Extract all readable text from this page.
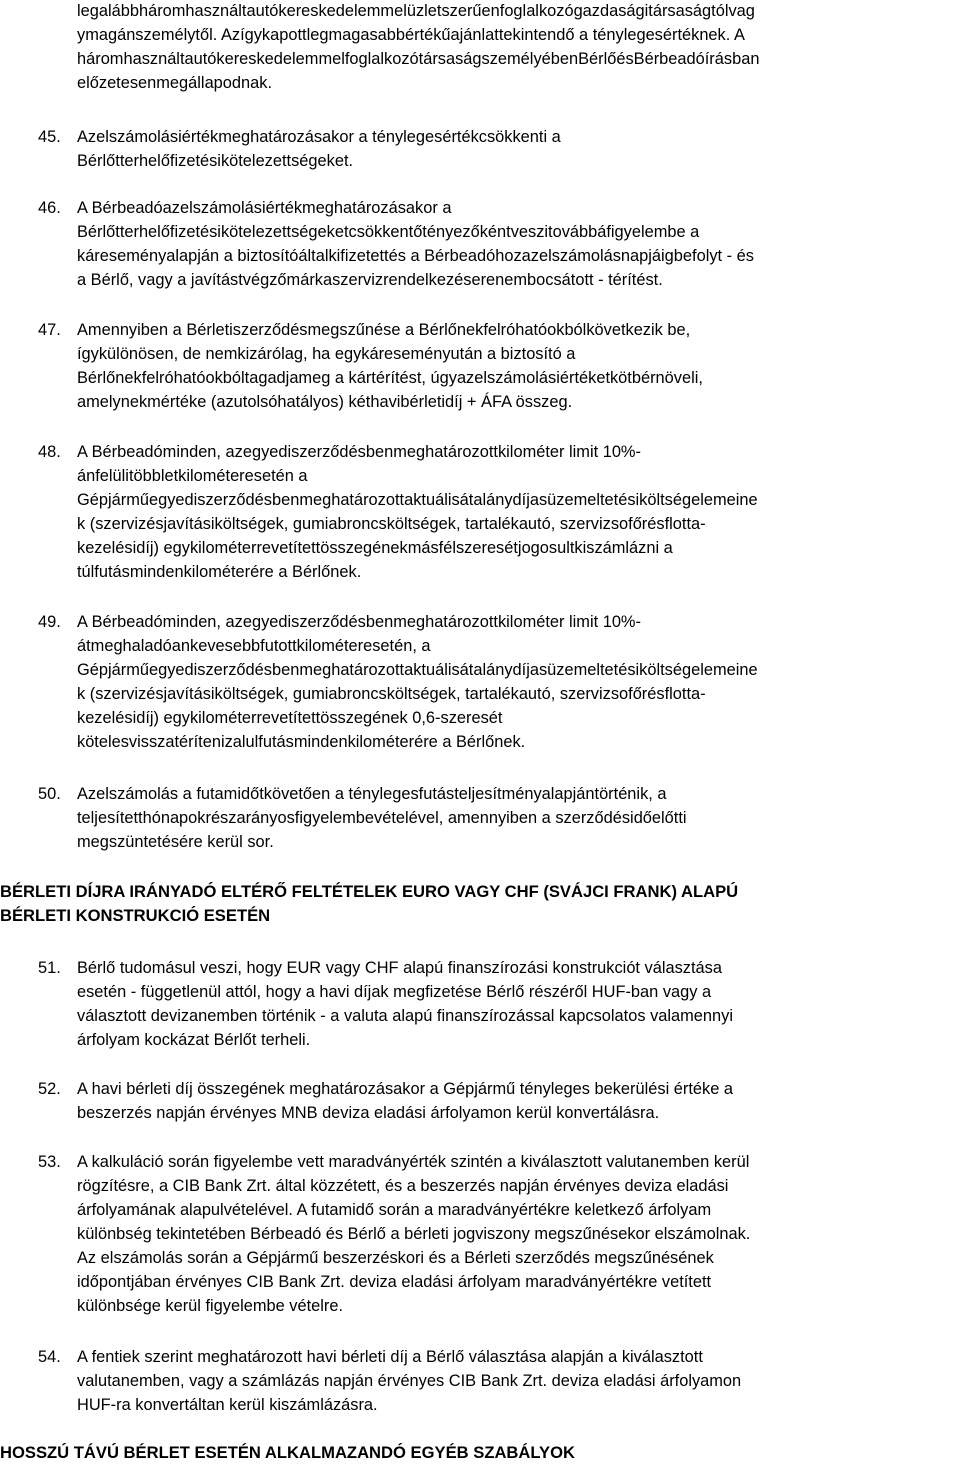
legalábbháromhasználtautókereskedelemmelüzletszerűenfoglalkozógazdaságitársaságtólvag
ymagánszemélytől. Azígykapottlegmagasabbértékűajánlattekintendő a ténylegesértéknek. A
háromhasználtautókereskedelemmelfoglalkozótársaságszemélyébenBérlőésBérbeadóírásban
előzetesenmegállapodnak.
45. Azelszámolásiértékmeghatározásakor a ténylegesértékcsökkenti a
Bérlőtterhelőfizetésikötelezettségeket.
46. A Bérbeadóazelszámolásiértékmeghatározásakor a
Bérlőtterhelőfizetésikötelezettségeketcsökkentőtényezőkéntveszitovábbáfigyelembe a
káreseményalapján a biztosítóáltalkifizetettés a Bérbeadóhozazelszámolásnapjáigbefolyt - és
a Bérlő, vagy a javítástvégzőmárkaszervizrendelkezéserenembocsátott - térítést.
47. Amennyiben a Bérletiszerződésmegszűnése a Bérlőnekfelróhatóokbólkövetkezik be,
ígykülönösen, de nemkizárólag, ha egykáreseményután a biztosító a
Bérlőnekfelróhatóokbóltagadjameg a kártérítést, úgyazelszámolásiértéketkötbérnöveli,
amelynekmértéke (azutolsóhatályos) kéthavibérletidíj + ÁFA összeg.
48. A Bérbeadóminden, azegyediszerződésbenmeghatározottkilométer limit 10%-
ánfelülitöbbletkilométeresetén a
Gépjárműegyediszerződésbenmeghatározottaktuálisátalánydíjasüzemeltetésiköltségelemeine
k (szervizésjavításiköltségek, gumiabroncsköltségek, tartalékautó, szervizsofőrésflotta-
kezelésidíj) egykilométerrevetítettösszegénekmásfélszeresétjogosultkiszámlázni a
túlfutásmindenkilométerére a Bérlőnek.
49. A Bérbeadóminden, azegyediszerződésbenmeghatározottkilométer limit 10%-
átmeghaladóankevesebbfutottkilométeresetén, a
Gépjárműegyediszerződésbenmeghatározottaktuálisátalánydíjasüzemeltetésiköltségelemeine
k (szervizésjavításiköltségek, gumiabroncsköltségek, tartalékautó, szervizsofőrésflotta-
kezelésidíj) egykilométerrevetítettösszegének 0,6-szeresét
kötelesvisszatérítenizalulfutásmindenkilométerére a Bérlőnek.
50. Azelszámolás a futamidőtkövetően a ténylegesfutásteljesítményalapjántörténik, a
teljesítetthónapokrészarányosfigyelembevételével, amennyiben a szerződésidőelőtti
megszüntetésére kerül sor.
BÉRLETI DÍJRA IRÁNYADÓ ELTÉRŐ FELTÉTELEK EURO VAGY CHF (SVÁJCI FRANK) ALAPÚ
BÉRLETI KONSTRUKCIÓ ESETÉN
51. Bérlő tudomásul veszi, hogy EUR vagy CHF alapú finanszírozási konstrukciót választása
esetén - függetlenül attól, hogy a havi díjak megfizetése Bérlő részéről HUF-ban vagy a
választott devizanemben történik - a valuta alapú finanszírozással kapcsolatos valamennyi
árfolyam kockázat Bérlőt terheli.
52. A havi bérleti díj összegének meghatározásakor a Gépjármű tényleges bekerülési értéke a
beszerzés napján érvényes MNB deviza eladási árfolyamon kerül konvertálásra.
53. A kalkuláció során figyelembe vett maradványérték szintén a kiválasztott valutanemben kerül
rögzítésre, a CIB Bank Zrt. által közzétett, és a beszerzés napján érvényes deviza eladási
árfolyamának alapulvételével. A futamidő során a maradványértékre keletkező árfolyam
különbség tekintetében Bérbeadó és Bérlő a bérleti jogviszony megszűnésekor elszámolnak.
Az elszámolás során a Gépjármű beszerzéskori és a Bérleti szerződés megszűnésének
időpontjában érvényes CIB Bank Zrt. deviza eladási árfolyam maradványértékre vetített
különbsége kerül figyelembe vételre.
54. A fentiek szerint meghatározott havi bérleti díj a Bérlő választása alapján a kiválasztott
valutanemben, vagy a számlázás napján érvényes CIB Bank Zrt. deviza eladási árfolyamon
HUF-ra konvertáltan kerül kiszámlázásra.
HOSSZÚ TÁVÚ BÉRLET ESETÉN ALKALMAZANDÓ EGYÉB SZABÁLYOK
